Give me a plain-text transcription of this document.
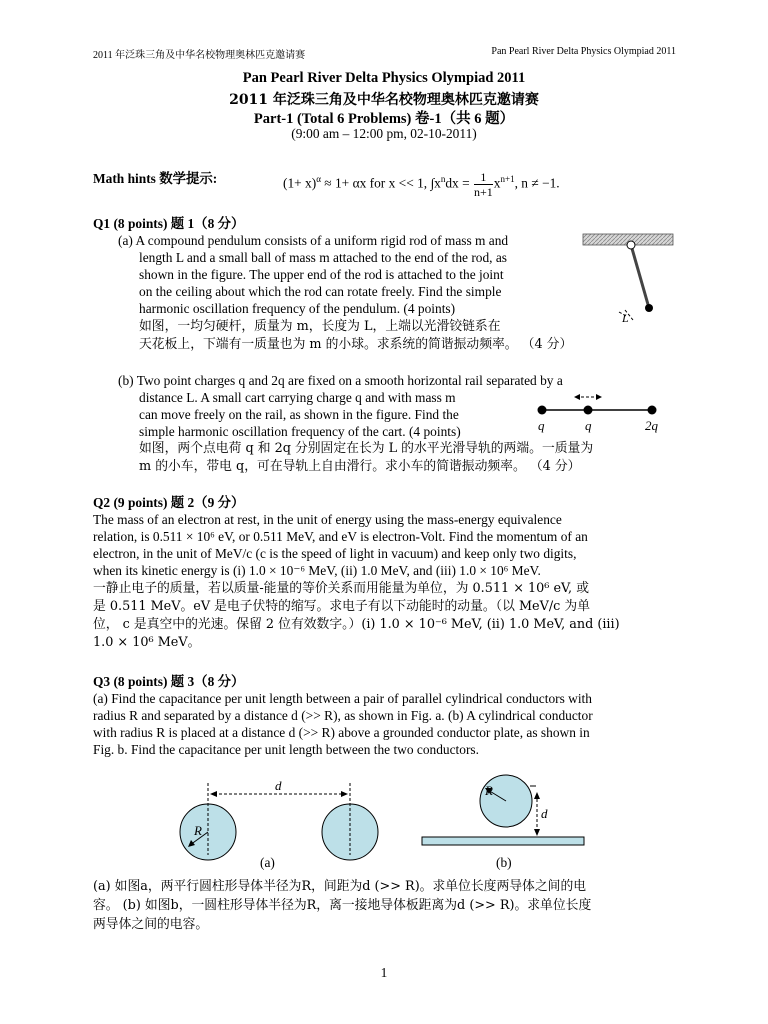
2011 年泛珠三角及中华名校物理奥林匹克邀请赛	Pan Pearl River Delta Physics Olympiad 2011
Pan Pearl River Delta Physics Olympiad 2011
2011 年泛珠三角及中华名校物理奥林匹克邀请赛
Part-1 (Total 6 Problems) 卷-1（共 6 题）
(9:00 am – 12:00 pm, 02-10-2011)
Math hints 数学提示:	$(1+ x)^\alpha \approx 1+ \alpha x$ for x << 1, $\int x^ndx = \frac{1}{n+1} x^{n+1}$, n ≠ −1.
Q1 (8 points) 题 1（8 分）

(a) A compound pendulum consists of a uniform rigid rod of mass m and

length L and a small ball of mass m attached to the end of the rod, as

shown in the figure. The upper end of the rod is attached to the joint

on the ceiling about which the rod can rotate freely. Find the simple

harmonic oscillation frequency of the pendulum. (4 points)

如图，一均匀硬杆，质量为 m，长度为 L，上端以光滑铰链系在
天花板上，下端有一质量也为 m 的小球。求系统的简谐振动频率。 （4 分）
L

(b) Two point charges q and 2q are fixed on a smooth horizontal rail separated by a

distance L. A small cart carrying charge q and with mass m

can move freely on the rail, as shown in the figure. Find the

simple harmonic oscillation frequency of the cart. (4 points)

如图，两个点电荷 q 和 2q 分别固定在长为 L 的水平光滑导轨的两端。一质量为
m 的小车，带电 q，可在导轨上自由滑行。求小车的简谐振动频率。 （4 分）
q	q	2q
Q2 (9 points) 题 2（9 分）

The mass of an electron at rest, in the unit of energy using the mass-energy equivalence

relation, is 0.511 × 10⁶ eV, or 0.511 MeV, and eV is electron-Volt. Find the momentum of an

electron, in the unit of MeV/c (c is the speed of light in vacuum) and keep only two digits,

when its kinetic energy is (i) 1.0 × 10⁻⁶ MeV, (ii) 1.0 MeV, and (iii) 1.0 × 10⁶ MeV.

一静止电子的质量，若以质量-能量的等价关系而用能量为单位，为 0.511 × 10⁶ eV, 或

是 0.511 MeV。eV 是电子伏特的缩写。求电子有以下动能时的动量。（以 MeV/c 为单

位， c 是真空中的光速。保留 2 位有效数字。）(i) 1.0 × 10⁻⁶ MeV, (ii) 1.0 MeV, and (iii)

1.0 × 10⁶ MeV。

Q3 (8 points) 题 3（8 分）

(a) Find the capacitance per unit length between a pair of parallel cylindrical conductors with

radius R and separated by a distance d (>> R), as shown in Fig. a. (b) A cylindrical conductor

with radius R is placed at a distance d (>> R) above a grounded conductor plate, as shown in

Fig. b. Find the capacitance per unit length between the two conductors.

d
R
(a)
R
d
(b)

(a) 如图a，两平行圆柱形导体半径为R，间距为d (>> R)。求单位长度两导体之间的电

容。 (b) 如图b，一圆柱形导体半径为R，离一接地导体板距离为d (>> R)。求单位长度

两导体之间的电容。

1
